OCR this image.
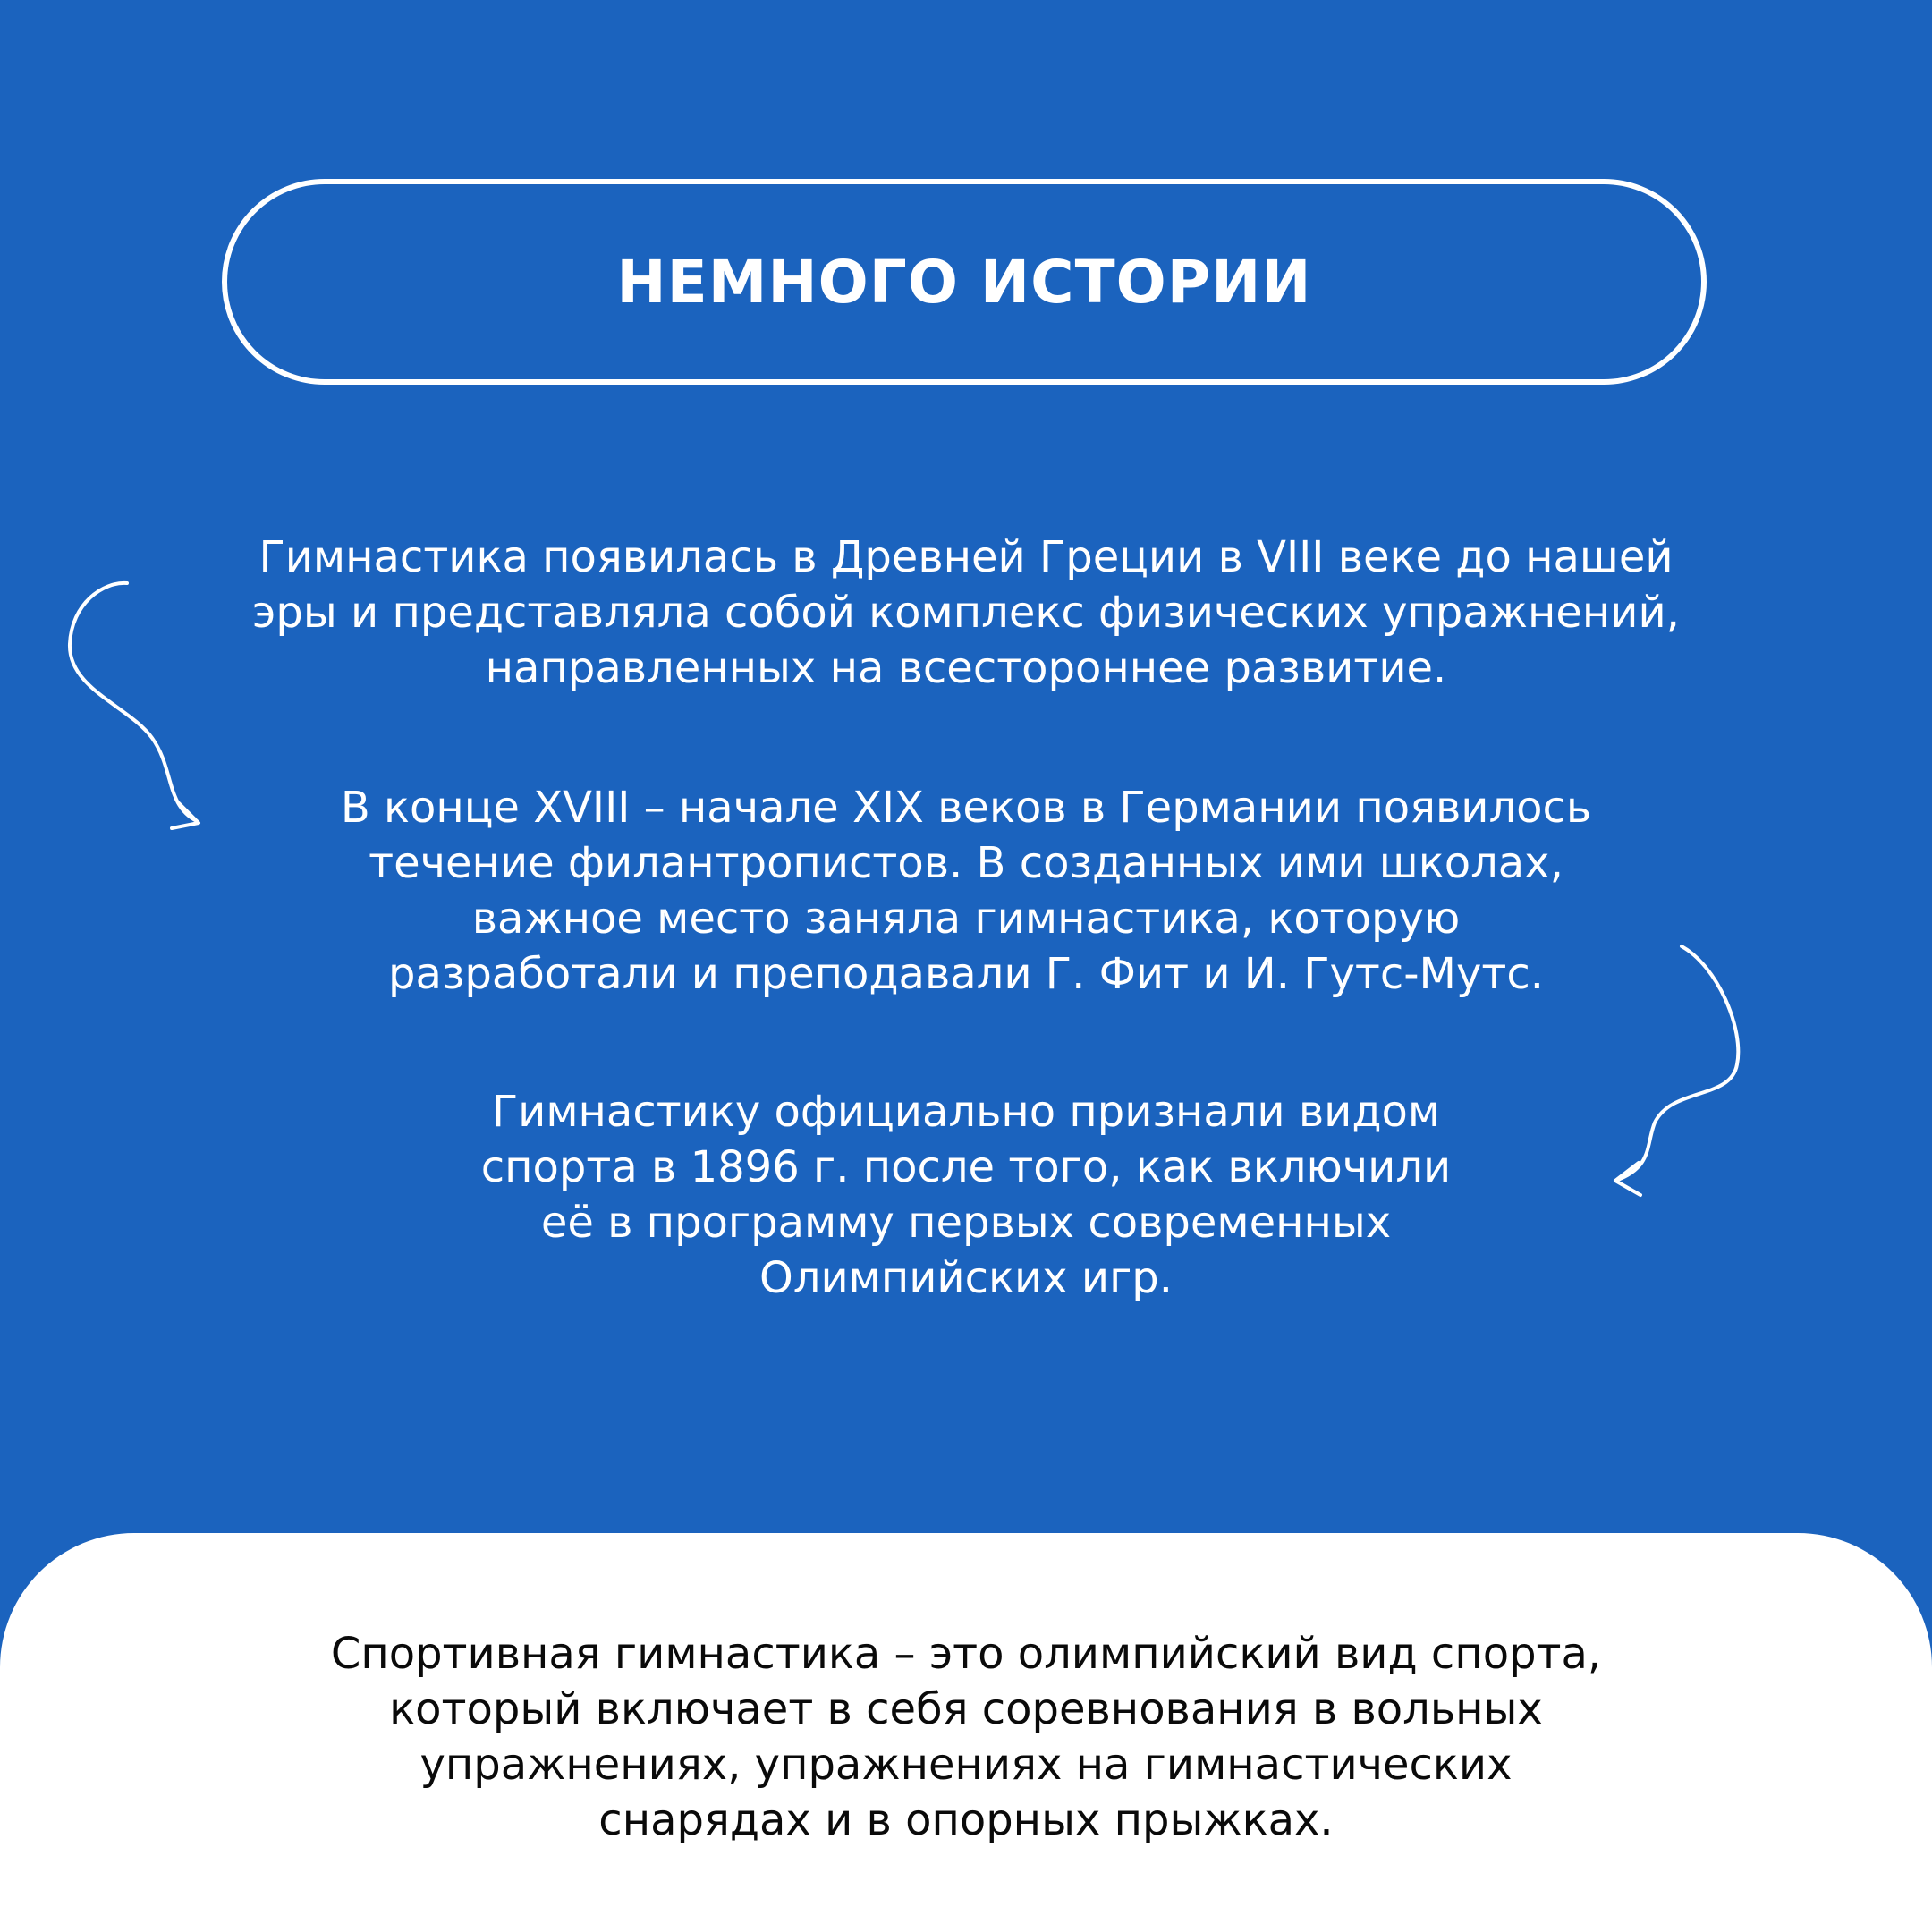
НЕМНОГО ИСТОРИИ

Гимнастика появилась в Древней Греции в VIII веке до нашей
эры и представляла собой комплекс физических упражнений,
направленных на всестороннее развитие.

В конце XVIII – начале XIX веков в Германии появилось
течение филантропистов. В созданных ими школах,
важное место заняла гимнастика, которую
разработали и преподавали Г. Фит и И. Гутс-Мутс.

Гимнастику официально признали видом
спорта в 1896 г. после того, как включили
её в программу первых современных
Олимпийских игр.

Спортивная гимнастика – это олимпийский вид спорта,
который включает в себя соревнования в вольных
упражнениях, упражнениях на гимнастических
снарядах и в опорных прыжках.
